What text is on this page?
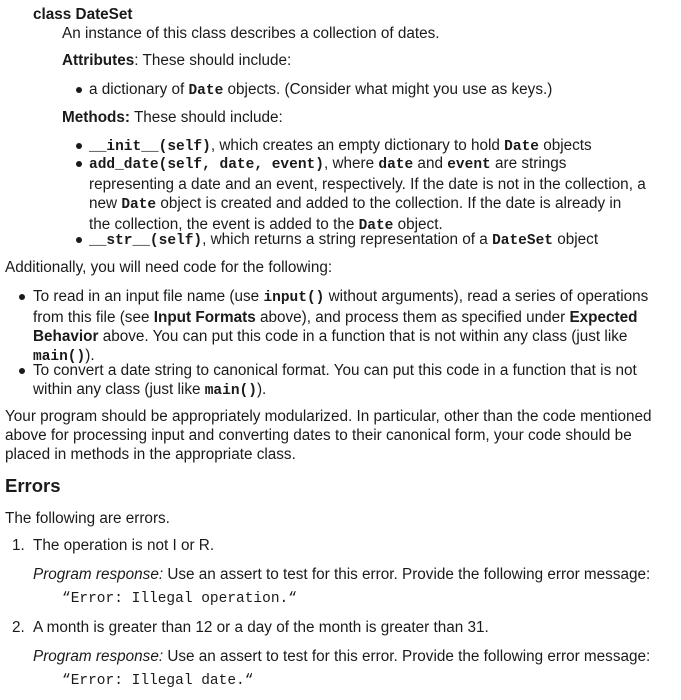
class DateSet
An instance of this class describes a collection of dates.
Attributes: These should include:
a dictionary of Date objects. (Consider what might you use as keys.)
Methods: These should include:
__init__(self), which creates an empty dictionary to hold Date objects
add_date(self, date, event), where date and event are strings
representing a date and an event, respectively. If the date is not in the collection, a
new Date object is created and added to the collection. If the date is already in
the collection, the event is added to the Date object.
__str__(self), which returns a string representation of a DateSet object
Additionally, you will need code for the following:
To read in an input file name (use input() without arguments), read a series of operations
from this file (see Input Formats above), and process them as specified under Expected
Behavior above. You can put this code in a function that is not within any class (just like
main()).
To convert a date string to canonical format. You can put this code in a function that is not
within any class (just like main()).
Your program should be appropriately modularized. In particular, other than the code mentioned
above for processing input and converting dates to their canonical form, your code should be
placed in methods in the appropriate class.
Errors
The following are errors.
1. The operation is not I or R.
Program response: Use an assert to test for this error. Provide the following error message:
“Error: Illegal operation.“
2. A month is greater than 12 or a day of the month is greater than 31.
Program response: Use an assert to test for this error. Provide the following error message:
“Error: Illegal date.“
